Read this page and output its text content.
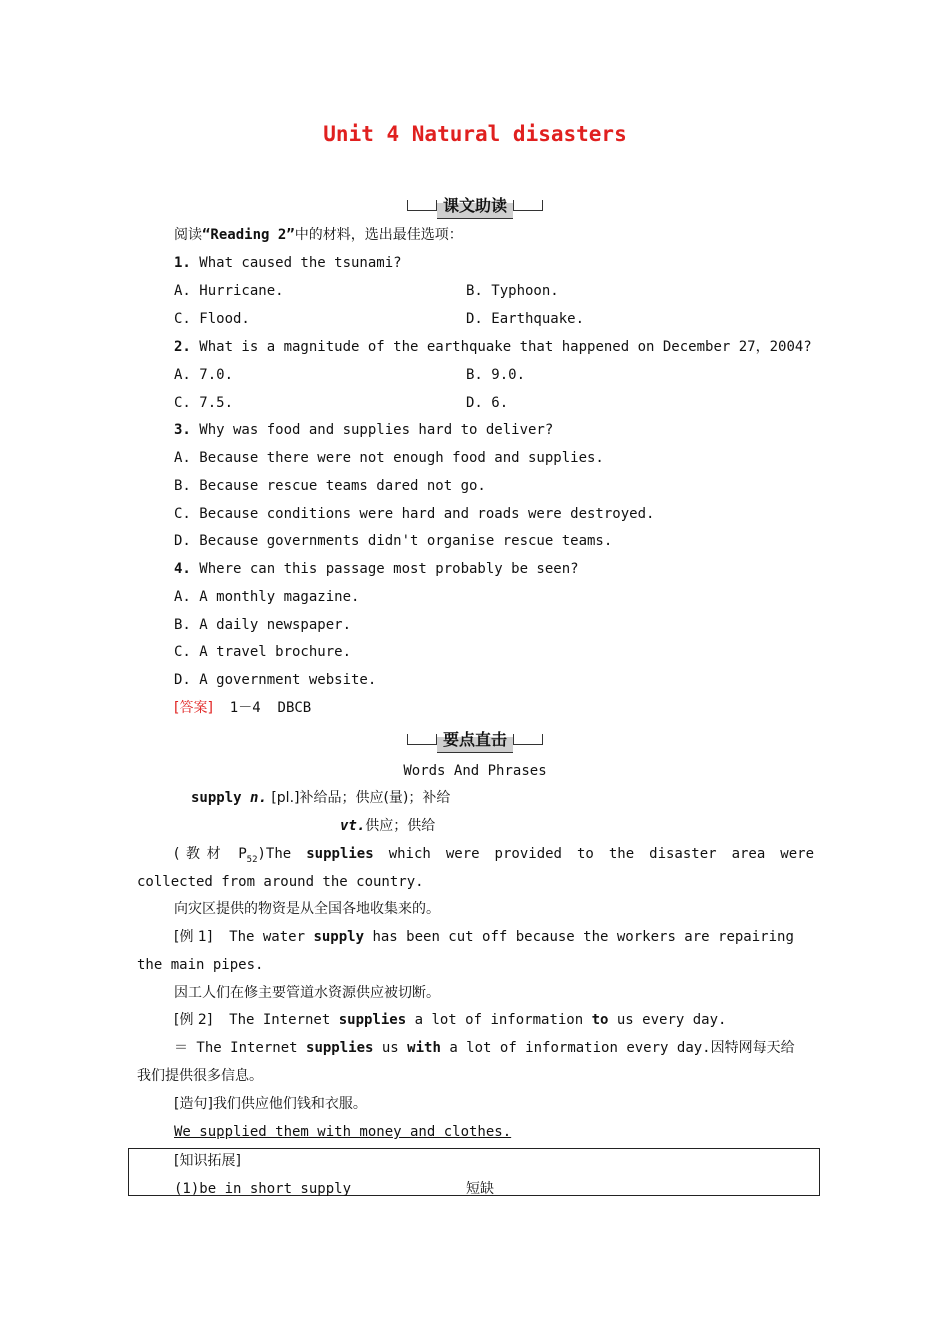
Unit 4 Natural disasters
课文助读
阅读“Reading 2”中的材料，选出最佳选项：
1. What caused the tsunami?
A. Hurricane.	B. Typhoon.
C. Flood.	D. Earthquake.
2. What is a magnitude of the earthquake that happened on December 27，2004?
A. 7.0.	B. 9.0.
C. 7.5.	D. 6.
3. Why was food and supplies hard to deliver?
A. Because there were not enough food and supplies.
B. Because rescue teams dared not go.
C. Because conditions were hard and roads were destroyed.
D. Because governments didn't organise rescue teams.
4. Where can this passage most probably be seen?
A. A monthly magazine.
B. A daily newspaper.
C. A travel brochure.
D. A government website.
[答案]  1－4  DBCB
要点直击
Words And Phrases
supply n. [pl.]补给品；供应(量)；补给
vt.供应；供给
(教材 $P_{52})The$ supplies which were provided to the disaster area were
collected from around the country.
向灾区提供的物资是从全国各地收集来的。
[例 1]  The water supply has been cut off because the workers are repairing
the main pipes.
因工人们在修主要管道水资源供应被切断。
[例 2]  The Internet supplies a lot of information to us every day.
＝ The Internet supplies us with a lot of information every day.因特网每天给
我们提供很多信息。
[造句]我们供应他们钱和衣服。
We supplied them with money and clothes.
[知识拓展]
(1)be in short supply	短缺
